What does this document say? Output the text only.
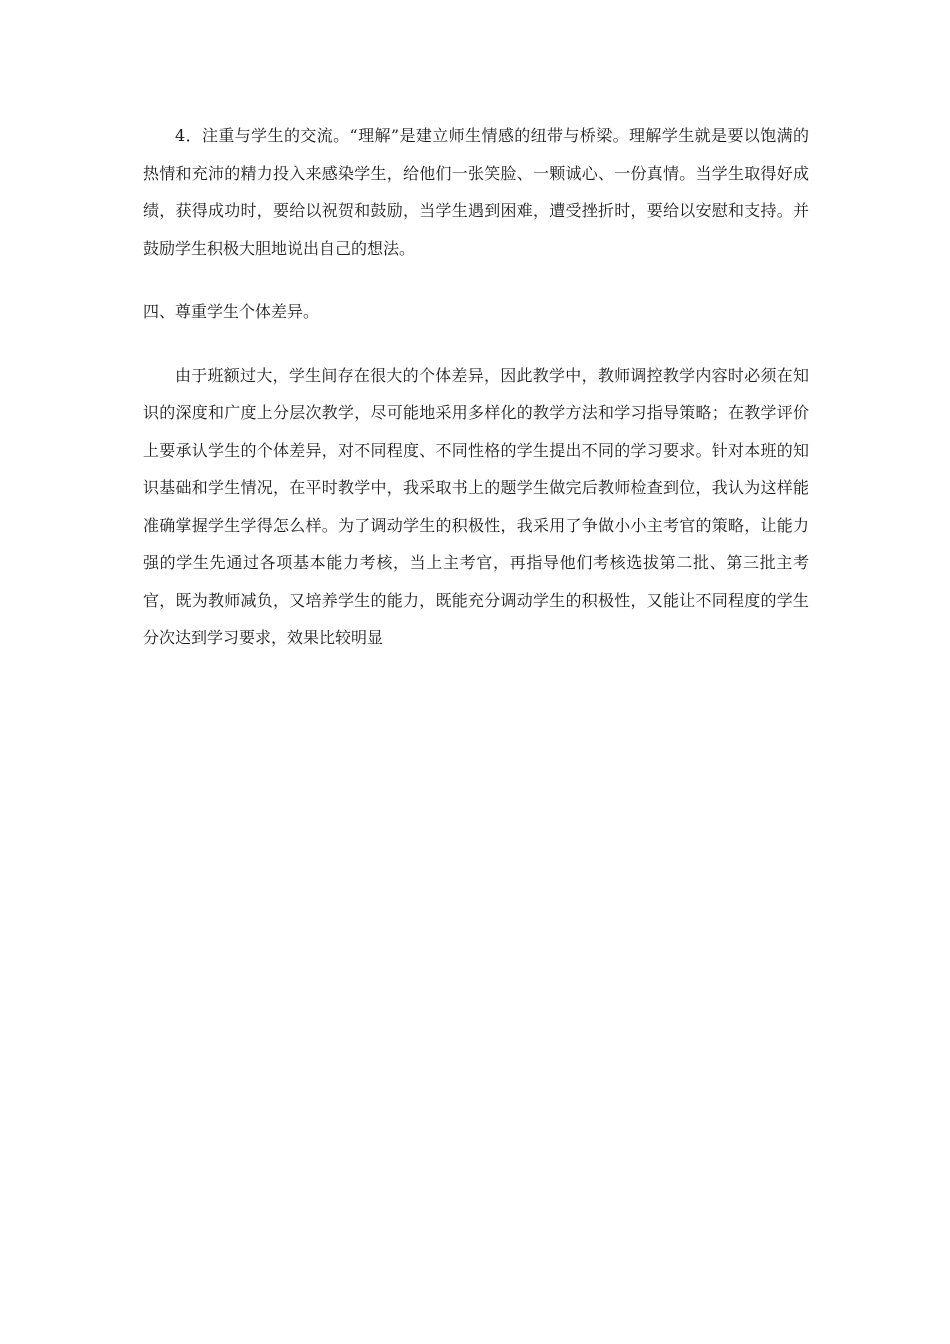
4．注重与学生的交流。“理解”是建立师生情感的纽带与桥梁。理解学生就是要以饱满的热情和充沛的精力投入来感染学生，给他们一张笑脸、一颗诚心、一份真情。当学生取得好成绩，获得成功时，要给以祝贺和鼓励，当学生遇到困难，遭受挫折时，要给以安慰和支持。并鼓励学生积极大胆地说出自己的想法。

四、尊重学生个体差异。

由于班额过大，学生间存在很大的个体差异，因此教学中，教师调控教学内容时必须在知识的深度和广度上分层次教学，尽可能地采用多样化的教学方法和学习指导策略；在教学评价上要承认学生的个体差异，对不同程度、不同性格的学生提出不同的学习要求。针对本班的知识基础和学生情况，在平时教学中，我采取书上的题学生做完后教师检查到位，我认为这样能准确掌握学生学得怎么样。为了调动学生的积极性，我采用了争做小小主考官的策略，让能力强的学生先通过各项基本能力考核，当上主考官，再指导他们考核选拔第二批、第三批主考官，既为教师减负，又培养学生的能力，既能充分调动学生的积极性，又能让不同程度的学生分次达到学习要求，效果比较明显
